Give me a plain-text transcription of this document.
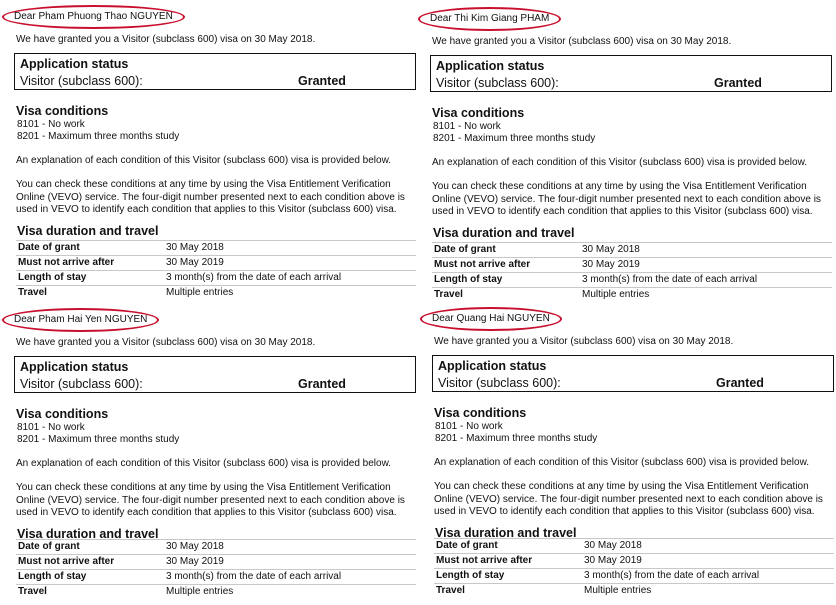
Dear Pham Phuong Thao NGUYEN
We have granted you a Visitor (subclass 600) visa on 30 May 2018.
Application status
Visitor (subclass 600):	Granted
Visa conditions
8101 - No work
8201 - Maximum three months study
An explanation of each condition of this Visitor (subclass 600) visa is provided below.
You can check these conditions at any time by using the Visa Entitlement Verification Online (VEVO) service. The four-digit number presented next to each condition above is used in VEVO to identify each condition that applies to this Visitor (subclass 600) visa.
Visa duration and travel
Date of grant	30 May 2018
Must not arrive after	30 May 2019
Length of stay	3 month(s) from the date of each arrival
Travel	Multiple entries
Dear Thi Kim Giang PHAM
We have granted you a Visitor (subclass 600) visa on 30 May 2018.
Application status
Visitor (subclass 600):	Granted
Visa conditions
8101 - No work
8201 - Maximum three months study
An explanation of each condition of this Visitor (subclass 600) visa is provided below.
You can check these conditions at any time by using the Visa Entitlement Verification Online (VEVO) service. The four-digit number presented next to each condition above is used in VEVO to identify each condition that applies to this Visitor (subclass 600) visa.
Visa duration and travel
Date of grant	30 May 2018
Must not arrive after	30 May 2019
Length of stay	3 month(s) from the date of each arrival
Travel	Multiple entries
Dear Pham Hai Yen NGUYEN
We have granted you a Visitor (subclass 600) visa on 30 May 2018.
Application status
Visitor (subclass 600):	Granted
Visa conditions
8101 - No work
8201 - Maximum three months study
An explanation of each condition of this Visitor (subclass 600) visa is provided below.
You can check these conditions at any time by using the Visa Entitlement Verification Online (VEVO) service. The four-digit number presented next to each condition above is used in VEVO to identify each condition that applies to this Visitor (subclass 600) visa.
Visa duration and travel
Date of grant	30 May 2018
Must not arrive after	30 May 2019
Length of stay	3 month(s) from the date of each arrival
Travel	Multiple entries
Dear Quang Hai NGUYEN
We have granted you a Visitor (subclass 600) visa on 30 May 2018.
Application status
Visitor (subclass 600):	Granted
Visa conditions
8101 - No work
8201 - Maximum three months study
An explanation of each condition of this Visitor (subclass 600) visa is provided below.
You can check these conditions at any time by using the Visa Entitlement Verification Online (VEVO) service. The four-digit number presented next to each condition above is used in VEVO to identify each condition that applies to this Visitor (subclass 600) visa.
Visa duration and travel
Date of grant	30 May 2018
Must not arrive after	30 May 2019
Length of stay	3 month(s) from the date of each arrival
Travel	Multiple entries
